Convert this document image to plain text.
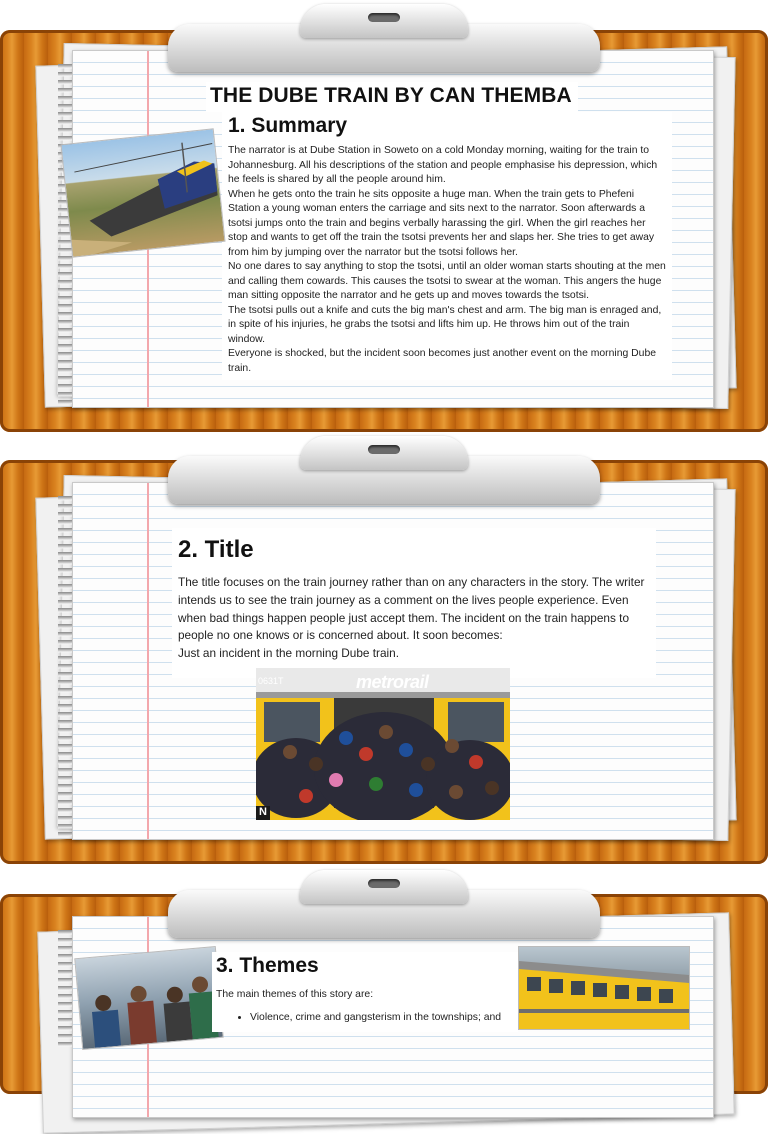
THE DUBE TRAIN BY CAN THEMBA
1. Summary

The narrator is at Dube Station in Soweto on a cold Monday morning, waiting for the train to Johannesburg. All his descriptions of the station and people emphasise his depression, which he feels is shared by all the people around him.

When he gets onto the train he sits opposite a huge man. When the train gets to Phefeni Station a young woman enters the carriage and sits next to the narrator. Soon afterwards a tsotsi jumps onto the train and begins verbally harassing the girl. When the girl reaches her stop and wants to get off the train the tsotsi prevents her and slaps her. She tries to get away from him by jumping over the narrator but the tsotsi follows her.

No one dares to say anything to stop the tsotsi, until an older woman starts shouting at the men and calling them cowards. This causes the tsotsi to swear at the woman. This angers the huge man sitting opposite the narrator and he gets up and moves towards the tsotsi.

The tsotsi pulls out a knife and cuts the big man's chest and arm. The big man is enraged and, in spite of his injuries, he grabs the tsotsi and lifts him up. He throws him out of the train window.

Everyone is shocked, but the incident soon becomes just another event on the morning Dube train.

2. Title

The title focuses on the train journey rather than on any characters in the story. The writer intends us to see the train journey as a comment on the lives people experience. Even when bad things happen people just accept them. The incident on the train happens to people no one knows or is concerned about. It soon becomes:

Just an incident in the morning Dube train.

0631T	metrorail
N
3. Themes

The main themes of this story are:

• Violence, crime and gangsterism in the townships; and
